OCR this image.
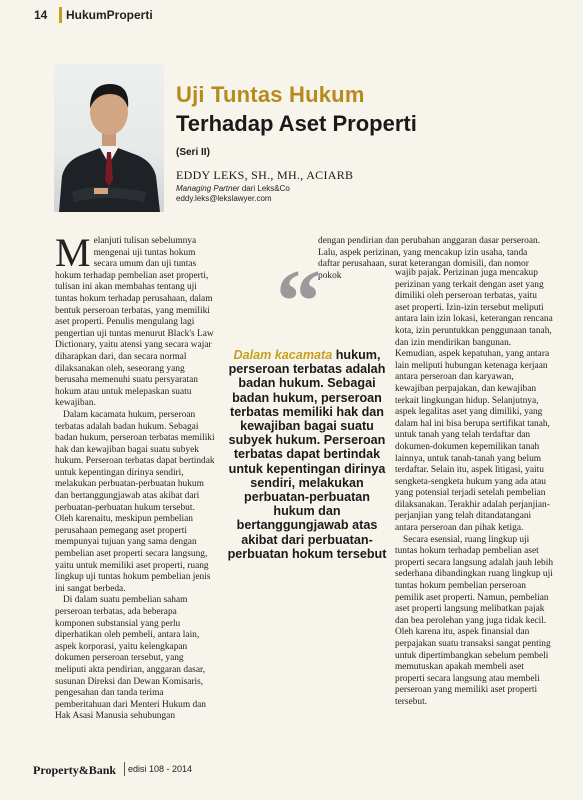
14 HukumProperti
Uji Tuntas Hukum
Terhadap Aset Properti
(Seri II)
EDDY LEKS, SH., MH., ACIARB
Managing Partner dari Leks&Co
eddy.leks@lekslawyer.com

Melanjuti tulisan sebelumnya mengenai uji tuntas hokum secara umum dan uji tuntas hokum terhadap pembelian aset properti, tulisan ini akan membahas tentang uji tuntas hokum terhadap perusahaan, dalam bentuk perseroan terbatas, yang memiliki aset properti. Penulis mengulang lagi pengertian uji tuntas menurut Black's Law Dictionary, yaitu atensi yang secara wajar diharapkan dari, dan secara normal dilaksanakan oleh, seseorang yang berusaha memenuhi suatu persyaratan hokum atau untuk melepaskan suatu kewajiban.

Dalam kacamata hukum, perseroan terbatas adalah badan hukum. Sebagai badan hukum, perseroan terbatas memiliki hak dan kewajiban bagai suatu subyek hukum. Perseroan terbatas dapat bertindak untuk kepentingan dirinya sendiri, melakukan perbuatan-perbuatan hukum dan bertanggungjawab atas akibat dari perbuatan-perbuatan hukum tersebut. Oleh karenaitu, meskipun pembelian perusahaan pemegang aset properti mempunyai tujuan yang sama dengan pembelian aset properti secara langsung, yaitu untuk memiliki aset properti, ruang lingkup uji tuntas hokum pembelian jenis ini sangat berbeda.

Di dalam suatu pembelian saham perseroan terbatas, ada beberapa komponen substansial yang perlu diperhatikan oleh pembeli, antara lain, aspek korporasi, yaitu kelengkapan dokumen perseroan tersebut, yang meliputi akta pendirian, anggaran dasar, susunan Direksi dan Dewan Komisaris, pengesahan dan tanda terima pemberitahuan dari Menteri Hukum dan Hak Asasi Manusia sehubungan

dengan pendirian dan perubahan anggaran dasar perseroan. Lalu, aspek perizinan, yang mencakup izin usaha, tanda daftar perusahaan, surat keterangan domisili, dan nomor pokok

“
Dalam kacamata hukum, perseroan terbatas adalah badan hukum. Sebagai badan hukum, perseroan terbatas memiliki hak dan kewajiban bagai suatu subyek hukum. Perseroan terbatas dapat bertindak untuk kepentingan dirinya sendiri, melakukan perbuatan-perbuatan hukum dan bertanggungjawab atas akibat dari perbuatan-perbuatan hokum tersebut

wajib pajak. Perizinan juga mencakup perizinan yang terkait dengan aset yang dimiliki oleh perseroan terbatas, yaitu aset properti. Izin-izin tersebut meliputi antara lain izin lokasi, keterangan rencana kota, izin peruntukkan penggunaan tanah, dan izin mendirikan bangunan. Kemudian, aspek kepatuhan, yang antara lain meliputi hubungan ketenaga kerjaan antara perseroan dan karyawan, kewajiban perpajakan, dan kewajiban terkait lingkungan hidup. Selanjutnya, aspek legalitas aset yang dimiliki, yang dalam hal ini bisa berupa sertifikat tanah, untuk tanah yang telah terdaftar dan dokumen-dokumen kepemilikan tanah lainnya, untuk tanah-tanah yang belum terdaftar. Selain itu, aspek litigasi, yaitu sengketa-sengketa hukum yang ada atau yang potensial terjadi setelah pembelian dilaksanakan. Terakhir adalah perjanjian-perjanjian yang telah ditandatangani antara perseroan dan pihak ketiga.

Secara esensial, ruang lingkup uji tuntas hokum terhadap pembelian aset properti secara langsung adalah jauh lebih sederhana dibandingkan ruang lingkup uji tuntas hokum pembelian perseroan pemilik aset properti. Namun, pembelian aset properti langsung melibatkan pajak dan bea perolehan yang juga tidak kecil. Oleh karena itu, aspek finansial dan perpajakan suatu transaksi sangat penting untuk dipertimbangkan sebelum pembeli memutuskan apakah membeli aset properti secara langsung atau membeli perseroan yang memiliki aset properti tersebut.

Property&Bank edisi 108 - 2014
